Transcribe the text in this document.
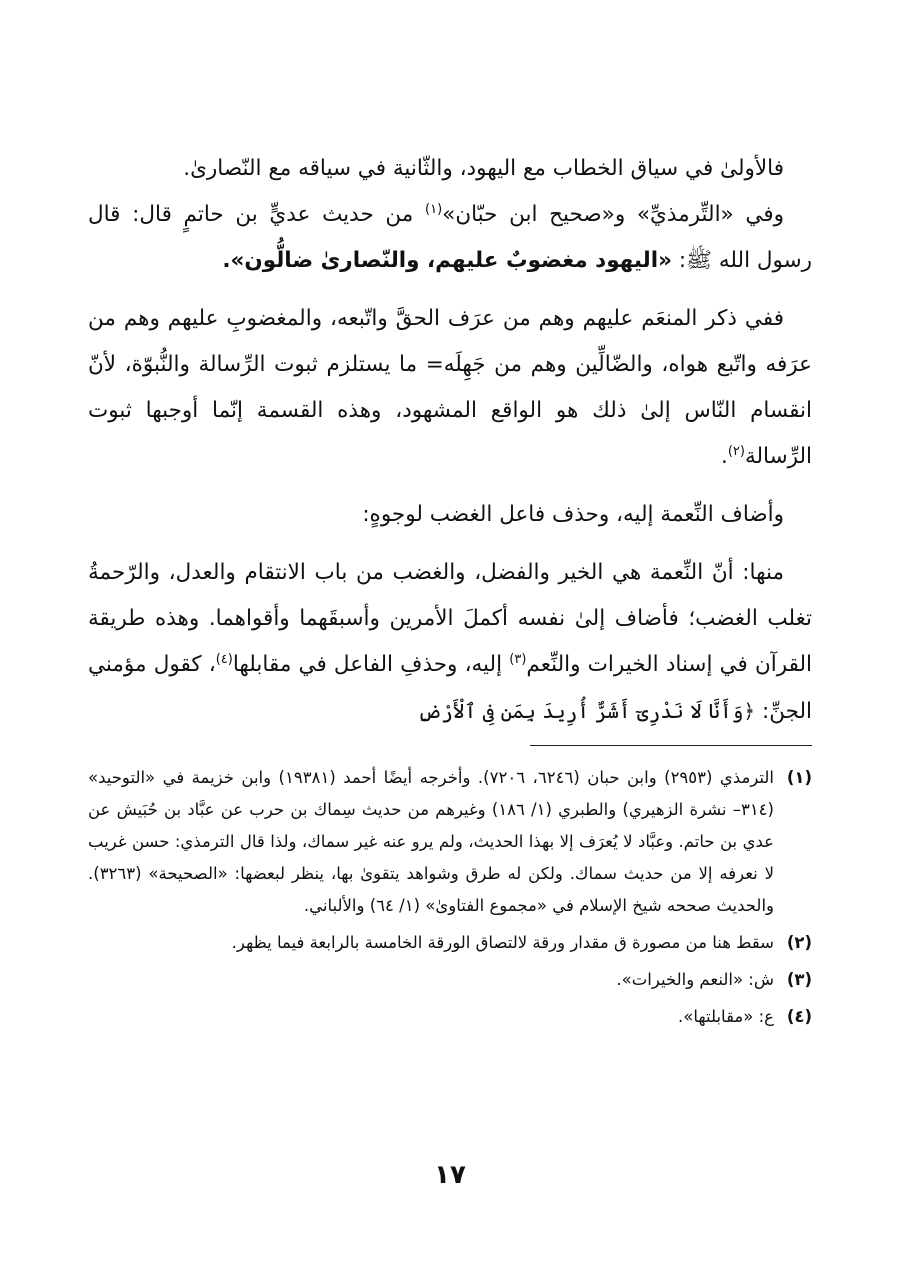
فالأولىٰ في سياق الخطاب مع اليهود، والثّانية في سياقه مع النّصارىٰ.

وفي «التِّرمذيِّ» و«صحيح ابن حبّان»$^{(١)}$ من حديث عديٍّ بن حاتمٍ قال: قال رسول الله ﷺ: «اليهود مغضوبٌ عليهم، والنّصارىٰ ضالُّون».

ففي ذكر المنعَم عليهم وهم من عرَف الحقَّ واتّبعه، والمغضوبِ عليهم وهم من عرَفه واتّبع هواه، والضّالِّين وهم من جَهِلَه= ما يستلزم ثبوت الرِّسالة والنُّبوّة، لأنّ انقسام النّاس إلىٰ ذلك هو الواقع المشهود، وهذه القسمة إنّما أوجبها ثبوت الرِّسالة$^{(٢)}$.

وأضاف النِّعمة إليه، وحذف فاعل الغضب لوجوهٍ:

منها: أنّ النِّعمة هي الخير والفضل، والغضب من باب الانتقام والعدل، والرّحمةُ تغلب الغضب؛ فأضاف إلىٰ نفسه أكملَ الأمرين وأسبقَهما وأقواهما. وهذه طريقة القرآن في إسناد الخيرات والنِّعم$^{(٣)}$ إليه، وحذفِ الفاعل في مقابلها$^{(٤)}$، كقول مؤمني الجنِّ: ﴿وَأَنَّا لَا نَدْرِىٓ أَشَرٌّ أُرِيدَ بِمَن فِى ٱلْأَرْضِ

(١)
الترمذي (٢٩٥٣) وابن حبان (٦٢٤٦، ٧٢٠٦). وأخرجه أيضًا أحمد (١٩٣٨١) وابن خزيمة في «التوحيد» (٣١٤– نشرة الزهيري) والطبري (١/ ١٨٦) وغيرهم من حديث سِماك بن حرب عن عبَّاد بن حُبَيش عن عدي بن حاتم. وعبَّاد لا يُعرَف إلا بهذا الحديث، ولم يرو عنه غير سماك، ولذا قال الترمذي: حسن غريب لا نعرفه إلا من حديث سماك. ولكن له طرق وشواهد يتقوىٰ بها، ينظر لبعضها: «الصحيحة» (٣٢٦٣). والحديث صححه شيخ الإسلام في «مجموع الفتاوىٰ» (١/ ٦٤) والألباني.
(٢)
سقط هنا من مصورة ق مقدار ورقة لالتصاق الورقة الخامسة بالرابعة فيما يظهر.
(٣)
ش: «النعم والخيرات».
(٤)
ع: «مقابلتها».
١٧
